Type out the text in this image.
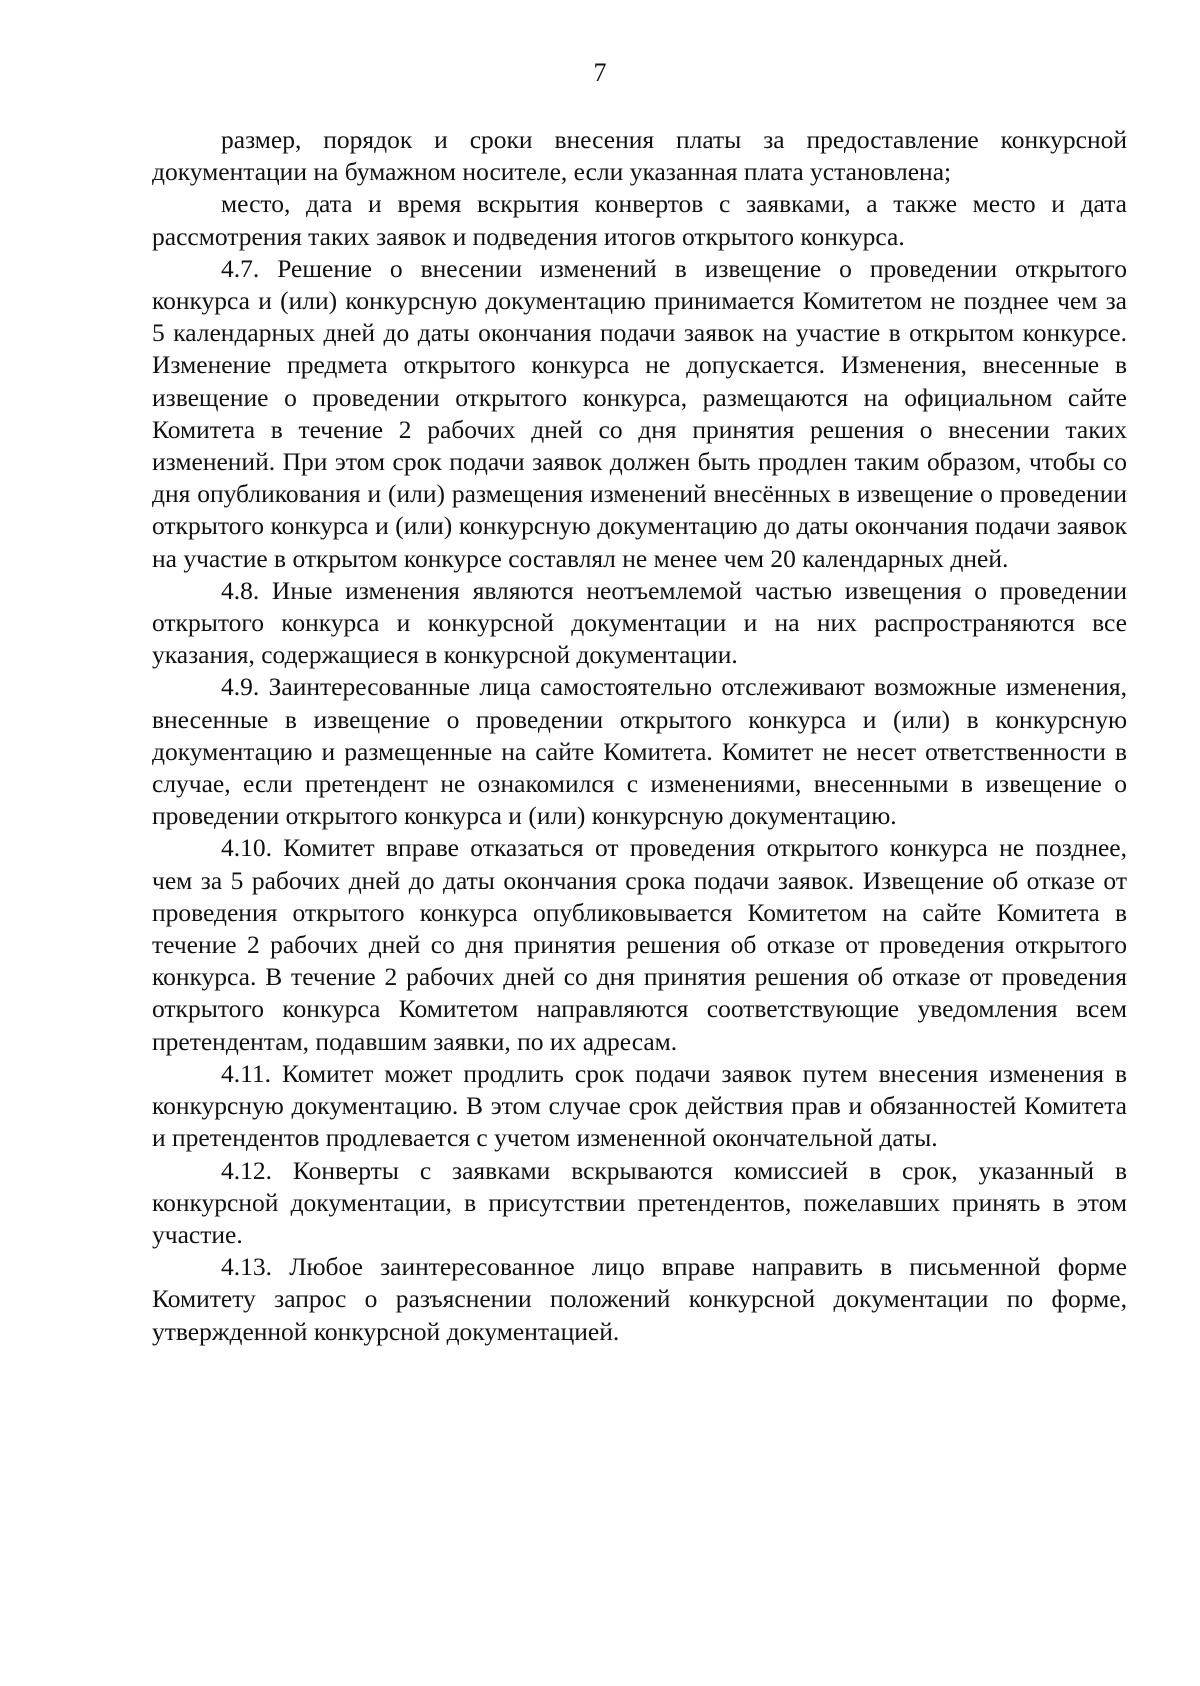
7

размер, порядок и сроки внесения платы за предоставление конкурсной документации на бумажном носителе, если указанная плата установлена;

место, дата и время вскрытия конвертов с заявками, а также место и дата рассмотрения таких заявок и подведения итогов открытого конкурса.

4.7. Решение о внесении изменений в извещение о проведении открытого конкурса и (или) конкурсную документацию принимается Комитетом не позднее чем за 5 календарных дней до даты окончания подачи заявок на участие в открытом конкурсе. Изменение предмета открытого конкурса не допускается. Изменения, внесенные в извещение о проведении открытого конкурса, размещаются на официальном сайте Комитета в течение 2 рабочих дней со дня принятия решения о внесении таких изменений. При этом срок подачи заявок должен быть продлен таким образом, чтобы со дня опубликования и (или) размещения изменений внесённых в извещение о проведении открытого конкурса и (или) конкурсную документацию до даты окончания подачи заявок на участие в открытом конкурсе составлял не менее чем 20 календарных дней.

4.8. Иные изменения являются неотъемлемой частью извещения о проведении открытого конкурса и конкурсной документации и на них распространяются все указания, содержащиеся в конкурсной документации.

4.9. Заинтересованные лица самостоятельно отслеживают возможные изменения, внесенные в извещение о проведении открытого конкурса и (или) в конкурсную документацию и размещенные на сайте Комитета. Комитет не несет ответственности в случае, если претендент не ознакомился с изменениями, внесенными в извещение о проведении открытого конкурса и (или) конкурсную документацию.

4.10. Комитет вправе отказаться от проведения открытого конкурса не позднее, чем за 5 рабочих дней до даты окончания срока подачи заявок. Извещение об отказе от проведения открытого конкурса опубликовывается Комитетом на сайте Комитета в течение 2 рабочих дней со дня принятия решения об отказе от проведения открытого конкурса. В течение 2 рабочих дней со дня принятия решения об отказе от проведения открытого конкурса Комитетом направляются соответствующие уведомления всем претендентам, подавшим заявки, по их адресам.

4.11. Комитет может продлить срок подачи заявок путем внесения изменения в конкурсную документацию. В этом случае срок действия прав и обязанностей Комитета и претендентов продлевается с учетом измененной окончательной даты.

4.12. Конверты с заявками вскрываются комиссией в срок, указанный в конкурсной документации, в присутствии претендентов, пожелавших принять в этом участие.

4.13. Любое заинтересованное лицо вправе направить в письменной форме Комитету запрос о разъяснении положений конкурсной документации по форме, утвержденной конкурсной документацией.
